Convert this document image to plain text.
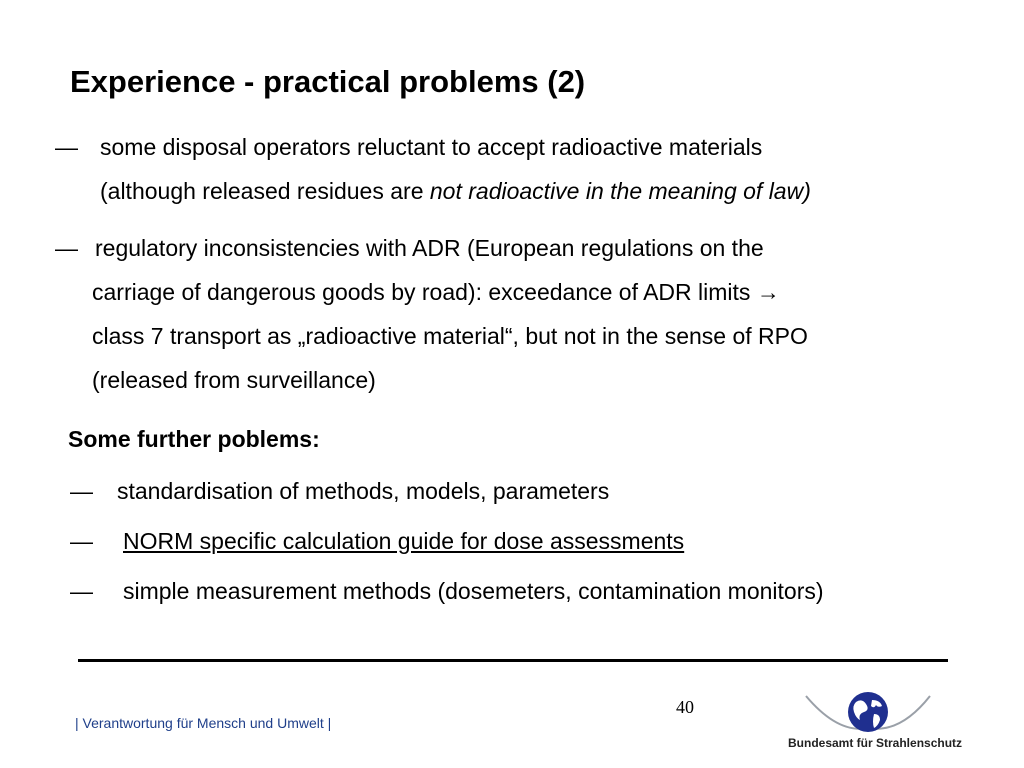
Experience - practical problems (2)
— some disposal operators reluctant to accept radioactive materials
(although released residues are not radioactive in the meaning of law)
— regulatory inconsistencies with ADR (European regulations on the
carriage of dangerous goods by road): exceedance of ADR limits →
class 7 transport as „radioactive material“, but not in the sense of RPO
(released from surveillance)
Some further poblems:
—	standardisation of methods, models, parameters
—	NORM specific calculation guide for dose assessments
—	simple measurement methods (dosemeters, contamination monitors)
40
| Verantwortung für Mensch und Umwelt |
Bundesamt für Strahlenschutz
